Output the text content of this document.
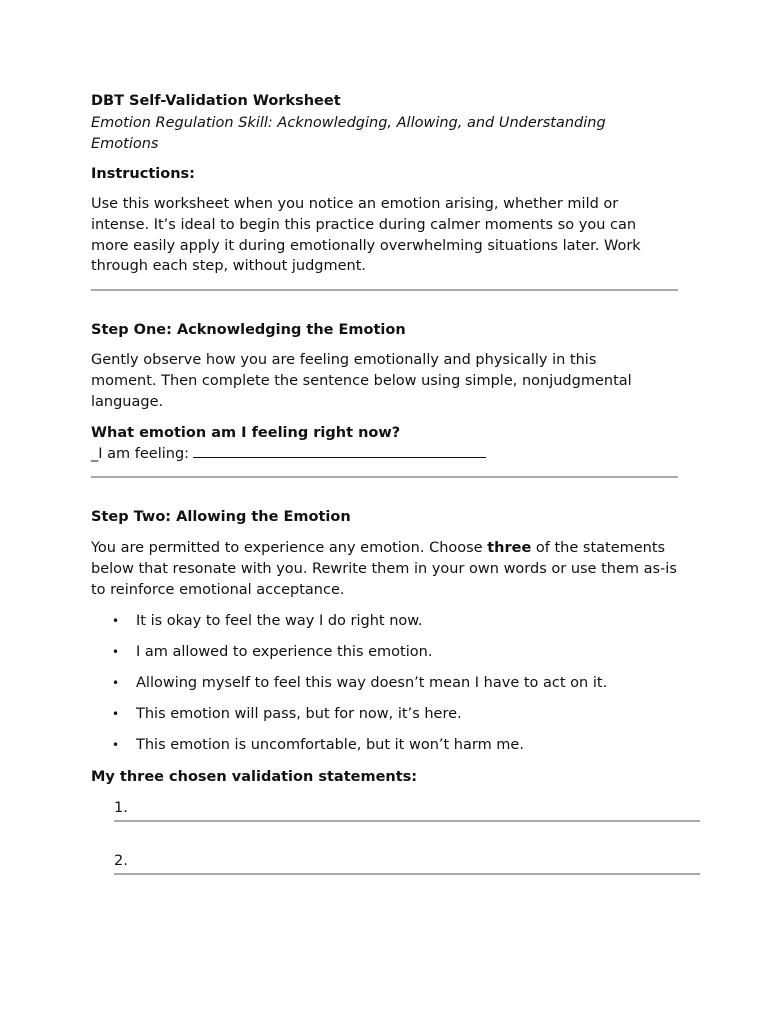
DBT Self-Validation Worksheet
Emotion Regulation Skill: Acknowledging, Allowing, and Understanding Emotions
Instructions:

Use this worksheet when you notice an emotion arising, whether mild or intense. It’s ideal to begin this practice during calmer moments so you can more easily apply it during emotionally overwhelming situations later. Work through each step, without judgment.

Step One: Acknowledging the Emotion

Gently observe how you are feeling emotionally and physically in this moment. Then complete the sentence below using simple, nonjudgmental language.

What emotion am I feeling right now?
_I am feeling:
Step Two: Allowing the Emotion

You are permitted to experience any emotion. Choose three of the statements below that resonate with you. Rewrite them in your own words or use them as-is to reinforce emotional acceptance.

• It is okay to feel the way I do right now.
• I am allowed to experience this emotion.
• Allowing myself to feel this way doesn’t mean I have to act on it.
• This emotion will pass, but for now, it’s here.
• This emotion is uncomfortable, but it won’t harm me.
My three chosen validation statements:
1.
2.
